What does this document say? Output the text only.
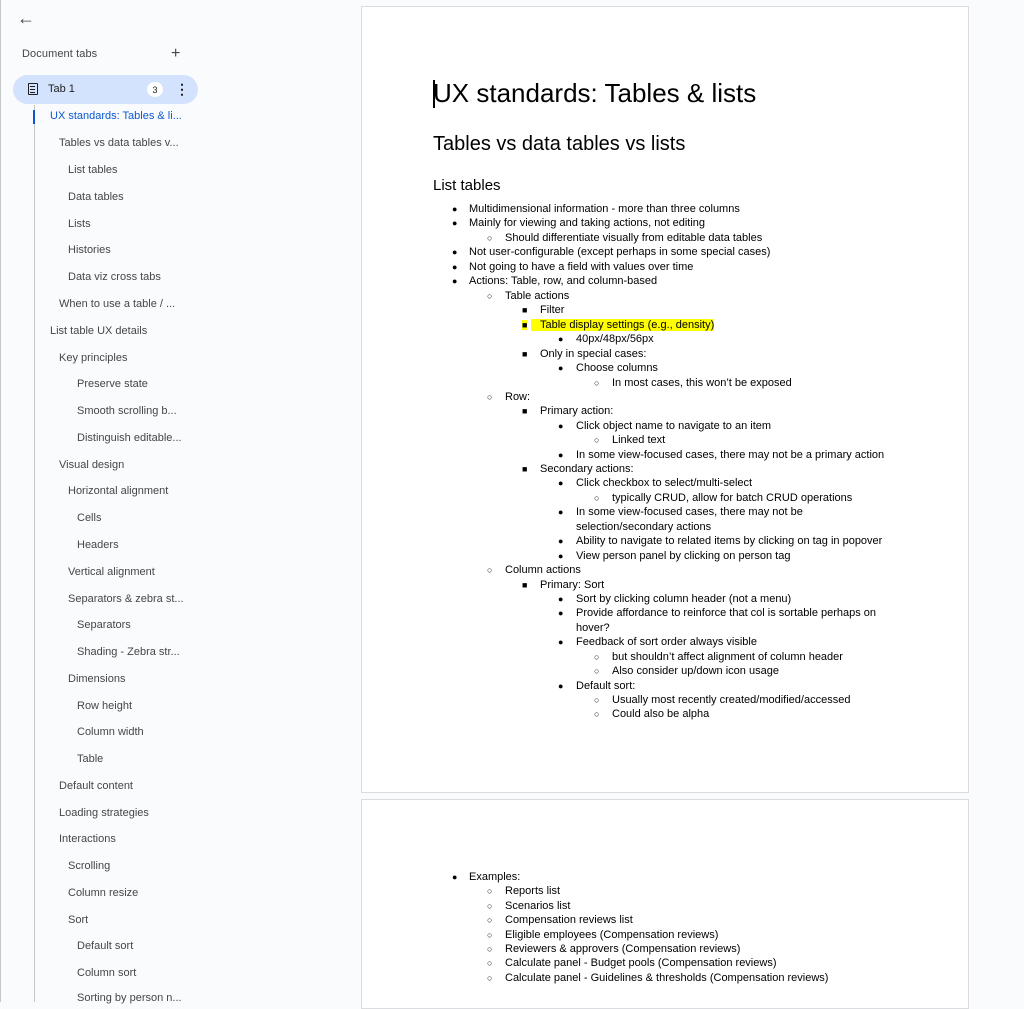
←
Document tabs	+
Tab 1	3	⋮
UX standards: Tables & li...
Tables vs data tables v...
List tables
Data tables
Lists
Histories
Data viz cross tabs
When to use a table / ...
List table UX details
Key principles
Preserve state
Smooth scrolling b...
Distinguish editable...
Visual design
Horizontal alignment
Cells
Headers
Vertical alignment
Separators & zebra st...
Separators
Shading - Zebra str...
Dimensions
Row height
Column width
Table
Default content
Loading strategies
Interactions
Scrolling
Column resize
Sort
Default sort
Column sort
Sorting by person n...
UX standards: Tables & lists
Tables vs data tables vs lists
List tables
● Multidimensional information - more than three columns
● Mainly for viewing and taking actions, not editing
○ Should differentiate visually from editable data tables
● Not user-configurable (except perhaps in some special cases)
● Not going to have a field with values over time
● Actions: Table, row, and column-based
○ Table actions
■ Filter
■	Table display settings (e.g., density)
● 40px/48px/56px
■ Only in special cases:
● Choose columns
○ In most cases, this won’t be exposed
○ Row:
■ Primary action:
● Click object name to navigate to an item
○ Linked text
● In some view-focused cases, there may not be a primary action
■ Secondary actions:
● Click checkbox to select/multi-select
○ typically CRUD, allow for batch CRUD operations
● In some view-focused cases, there may not be
selection/secondary actions
● Ability to navigate to related items by clicking on tag in popover
● View person panel by clicking on person tag
○ Column actions
■ Primary: Sort
● Sort by clicking column header (not a menu)
● Provide affordance to reinforce that col is sortable perhaps on
hover?
● Feedback of sort order always visible
○ but shouldn’t affect alignment of column header
○ Also consider up/down icon usage
● Default sort:
○ Usually most recently created/modified/accessed
○ Could also be alpha
● Examples:
○ Reports list
○ Scenarios list
○ Compensation reviews list
○ Eligible employees (Compensation reviews)
○ Reviewers & approvers (Compensation reviews)
○ Calculate panel - Budget pools (Compensation reviews)
○ Calculate panel - Guidelines & thresholds (Compensation reviews)
